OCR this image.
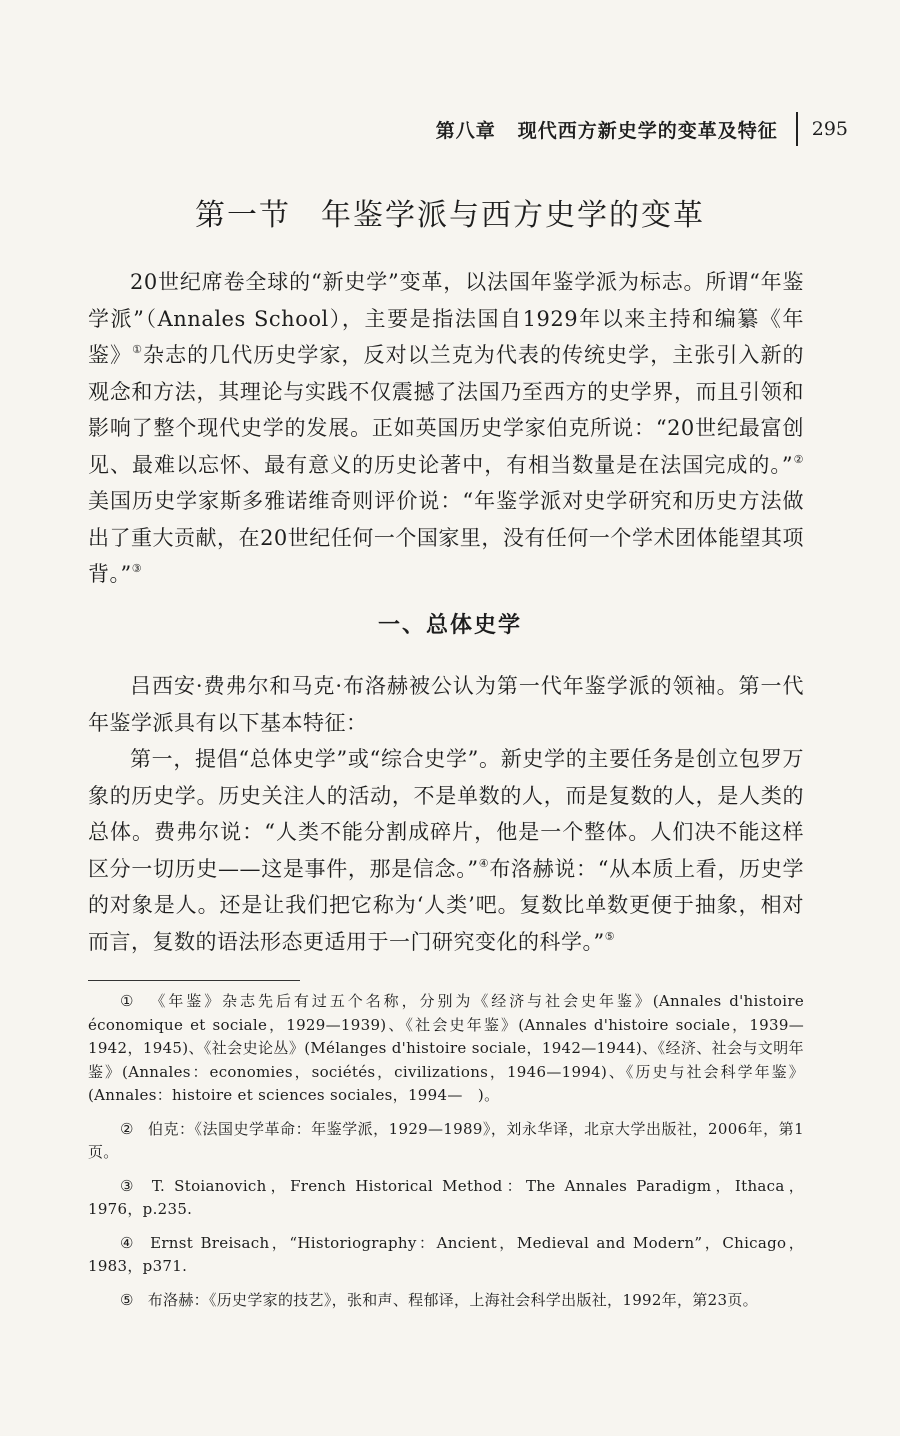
第八章 现代西方新史学的变革及特征 295
第一节 年鉴学派与西方史学的变革

20世纪席卷全球的“新史学”变革，以法国年鉴学派为标志。所谓“年鉴学派”（Annales School），主要是指法国自1929年以来主持和编纂《年鉴》①杂志的几代历史学家，反对以兰克为代表的传统史学，主张引入新的观念和方法，其理论与实践不仅震撼了法国乃至西方的史学界，而且引领和影响了整个现代史学的发展。正如英国历史学家伯克所说：“20世纪最富创见、最难以忘怀、最有意义的历史论著中，有相当数量是在法国完成的。”②美国历史学家斯多雅诺维奇则评价说：“年鉴学派对史学研究和历史方法做出了重大贡献，在20世纪任何一个国家里，没有任何一个学术团体能望其项背。”③

一、总体史学

吕西安·费弗尔和马克·布洛赫被公认为第一代年鉴学派的领袖。第一代年鉴学派具有以下基本特征：

第一，提倡“总体史学”或“综合史学”。新史学的主要任务是创立包罗万象的历史学。历史关注人的活动，不是单数的人，而是复数的人，是人类的总体。费弗尔说：“人类不能分割成碎片，他是一个整体。人们决不能这样区分一切历史——这是事件，那是信念。”④布洛赫说：“从本质上看，历史学的对象是人。还是让我们把它称为‘人类’吧。复数比单数更便于抽象，相对而言，复数的语法形态更适用于一门研究变化的科学。”⑤

① 《年鉴》杂志先后有过五个名称，分别为《经济与社会史年鉴》(Annales d'histoire économique et sociale，1929—1939)、《社会史年鉴》(Annales d'histoire sociale，1939—1942，1945)、《社会史论丛》(Mélanges d'histoire sociale，1942—1944)、《经济、社会与文明年鉴》(Annales：economies，sociétés，civilizations，1946—1994)、《历史与社会科学年鉴》(Annales：histoire et sciences sociales，1994—　)。
② 伯克：《法国史学革命：年鉴学派，1929—1989》，刘永华译，北京大学出版社，2006年，第1页。
③ T. Stoianovich，French Historical Method：The Annales Paradigm，Ithaca，1976，p.235.
④ Ernst Breisach，“Historiography：Ancient，Medieval and Modern”，Chicago，1983，p371.
⑤ 布洛赫：《历史学家的技艺》，张和声、程郁译，上海社会科学出版社，1992年，第23页。
